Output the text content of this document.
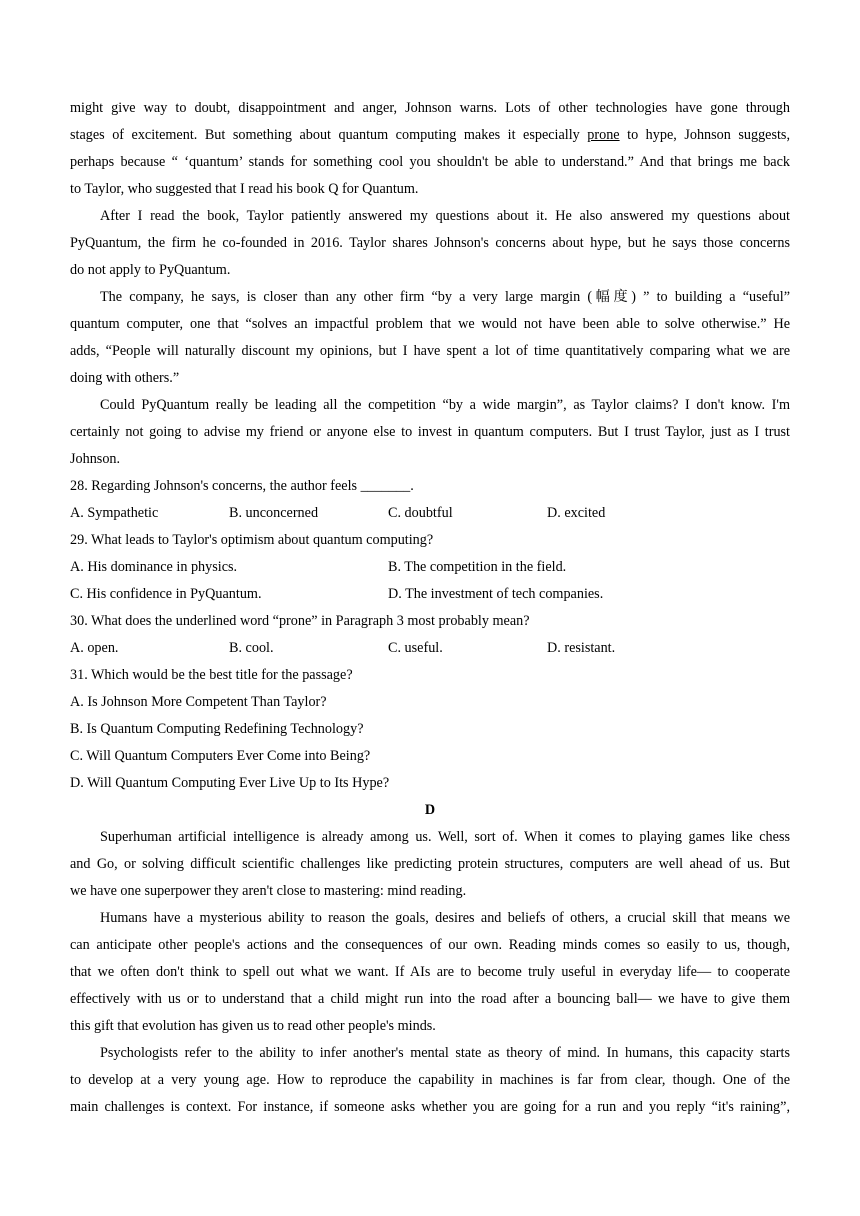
might give way to doubt, disappointment and anger, Johnson warns. Lots of other technologies have gone through
stages of excitement. But something about quantum computing makes it especially prone to hype, Johnson suggests,
perhaps because “ ‘quantum’ stands for something cool you shouldn't be able to understand.” And that brings me back
to Taylor, who suggested that I read his book Q for Quantum.
After I read the book, Taylor patiently answered my questions about it. He also answered my questions about
PyQuantum, the firm he co-founded in 2016. Taylor shares Johnson's concerns about hype, but he says those concerns
do not apply to PyQuantum.
The company, he says, is closer than any other firm “by a very large margin (幅度) ” to building a “useful”
quantum computer, one that “solves an impactful problem that we would not have been able to solve otherwise.” He
adds, “People will naturally discount my opinions, but I have spent a lot of time quantitatively comparing what we are
doing with others.”
Could PyQuantum really be leading all the competition “by a wide margin”, as Taylor claims? I don't know. I'm
certainly not going to advise my friend or anyone else to invest in quantum computers. But I trust Taylor, just as I trust
Johnson.
28. Regarding Johnson's concerns, the author feels _______.
A. Sympathetic	B. unconcerned	C. doubtful	D. excited
29. What leads to Taylor's optimism about quantum computing?
A. His dominance in physics.	B. The competition in the field.
C. His confidence in PyQuantum.	D. The investment of tech companies.
30. What does the underlined word “prone” in Paragraph 3 most probably mean?
A. open.	B. cool.	C. useful.	D. resistant.
31. Which would be the best title for the passage?
A. Is Johnson More Competent Than Taylor?
B. Is Quantum Computing Redefining Technology?
C. Will Quantum Computers Ever Come into Being?
D. Will Quantum Computing Ever Live Up to Its Hype?
D
Superhuman artificial intelligence is already among us. Well, sort of. When it comes to playing games like chess
and Go, or solving difficult scientific challenges like predicting protein structures, computers are well ahead of us. But
we have one superpower they aren't close to mastering: mind reading.
Humans have a mysterious ability to reason the goals, desires and beliefs of others, a crucial skill that means we
can anticipate other people's actions and the consequences of our own. Reading minds comes so easily to us, though,
that we often don't think to spell out what we want. If AIs are to become truly useful in everyday life— to cooperate
effectively with us or to understand that a child might run into the road after a bouncing ball— we have to give them
this gift that evolution has given us to read other people's minds.
Psychologists refer to the ability to infer another's mental state as theory of mind. In humans, this capacity starts
to develop at a very young age. How to reproduce the capability in machines is far from clear, though. One of the
main challenges is context. For instance, if someone asks whether you are going for a run and you reply “it's raining”,
